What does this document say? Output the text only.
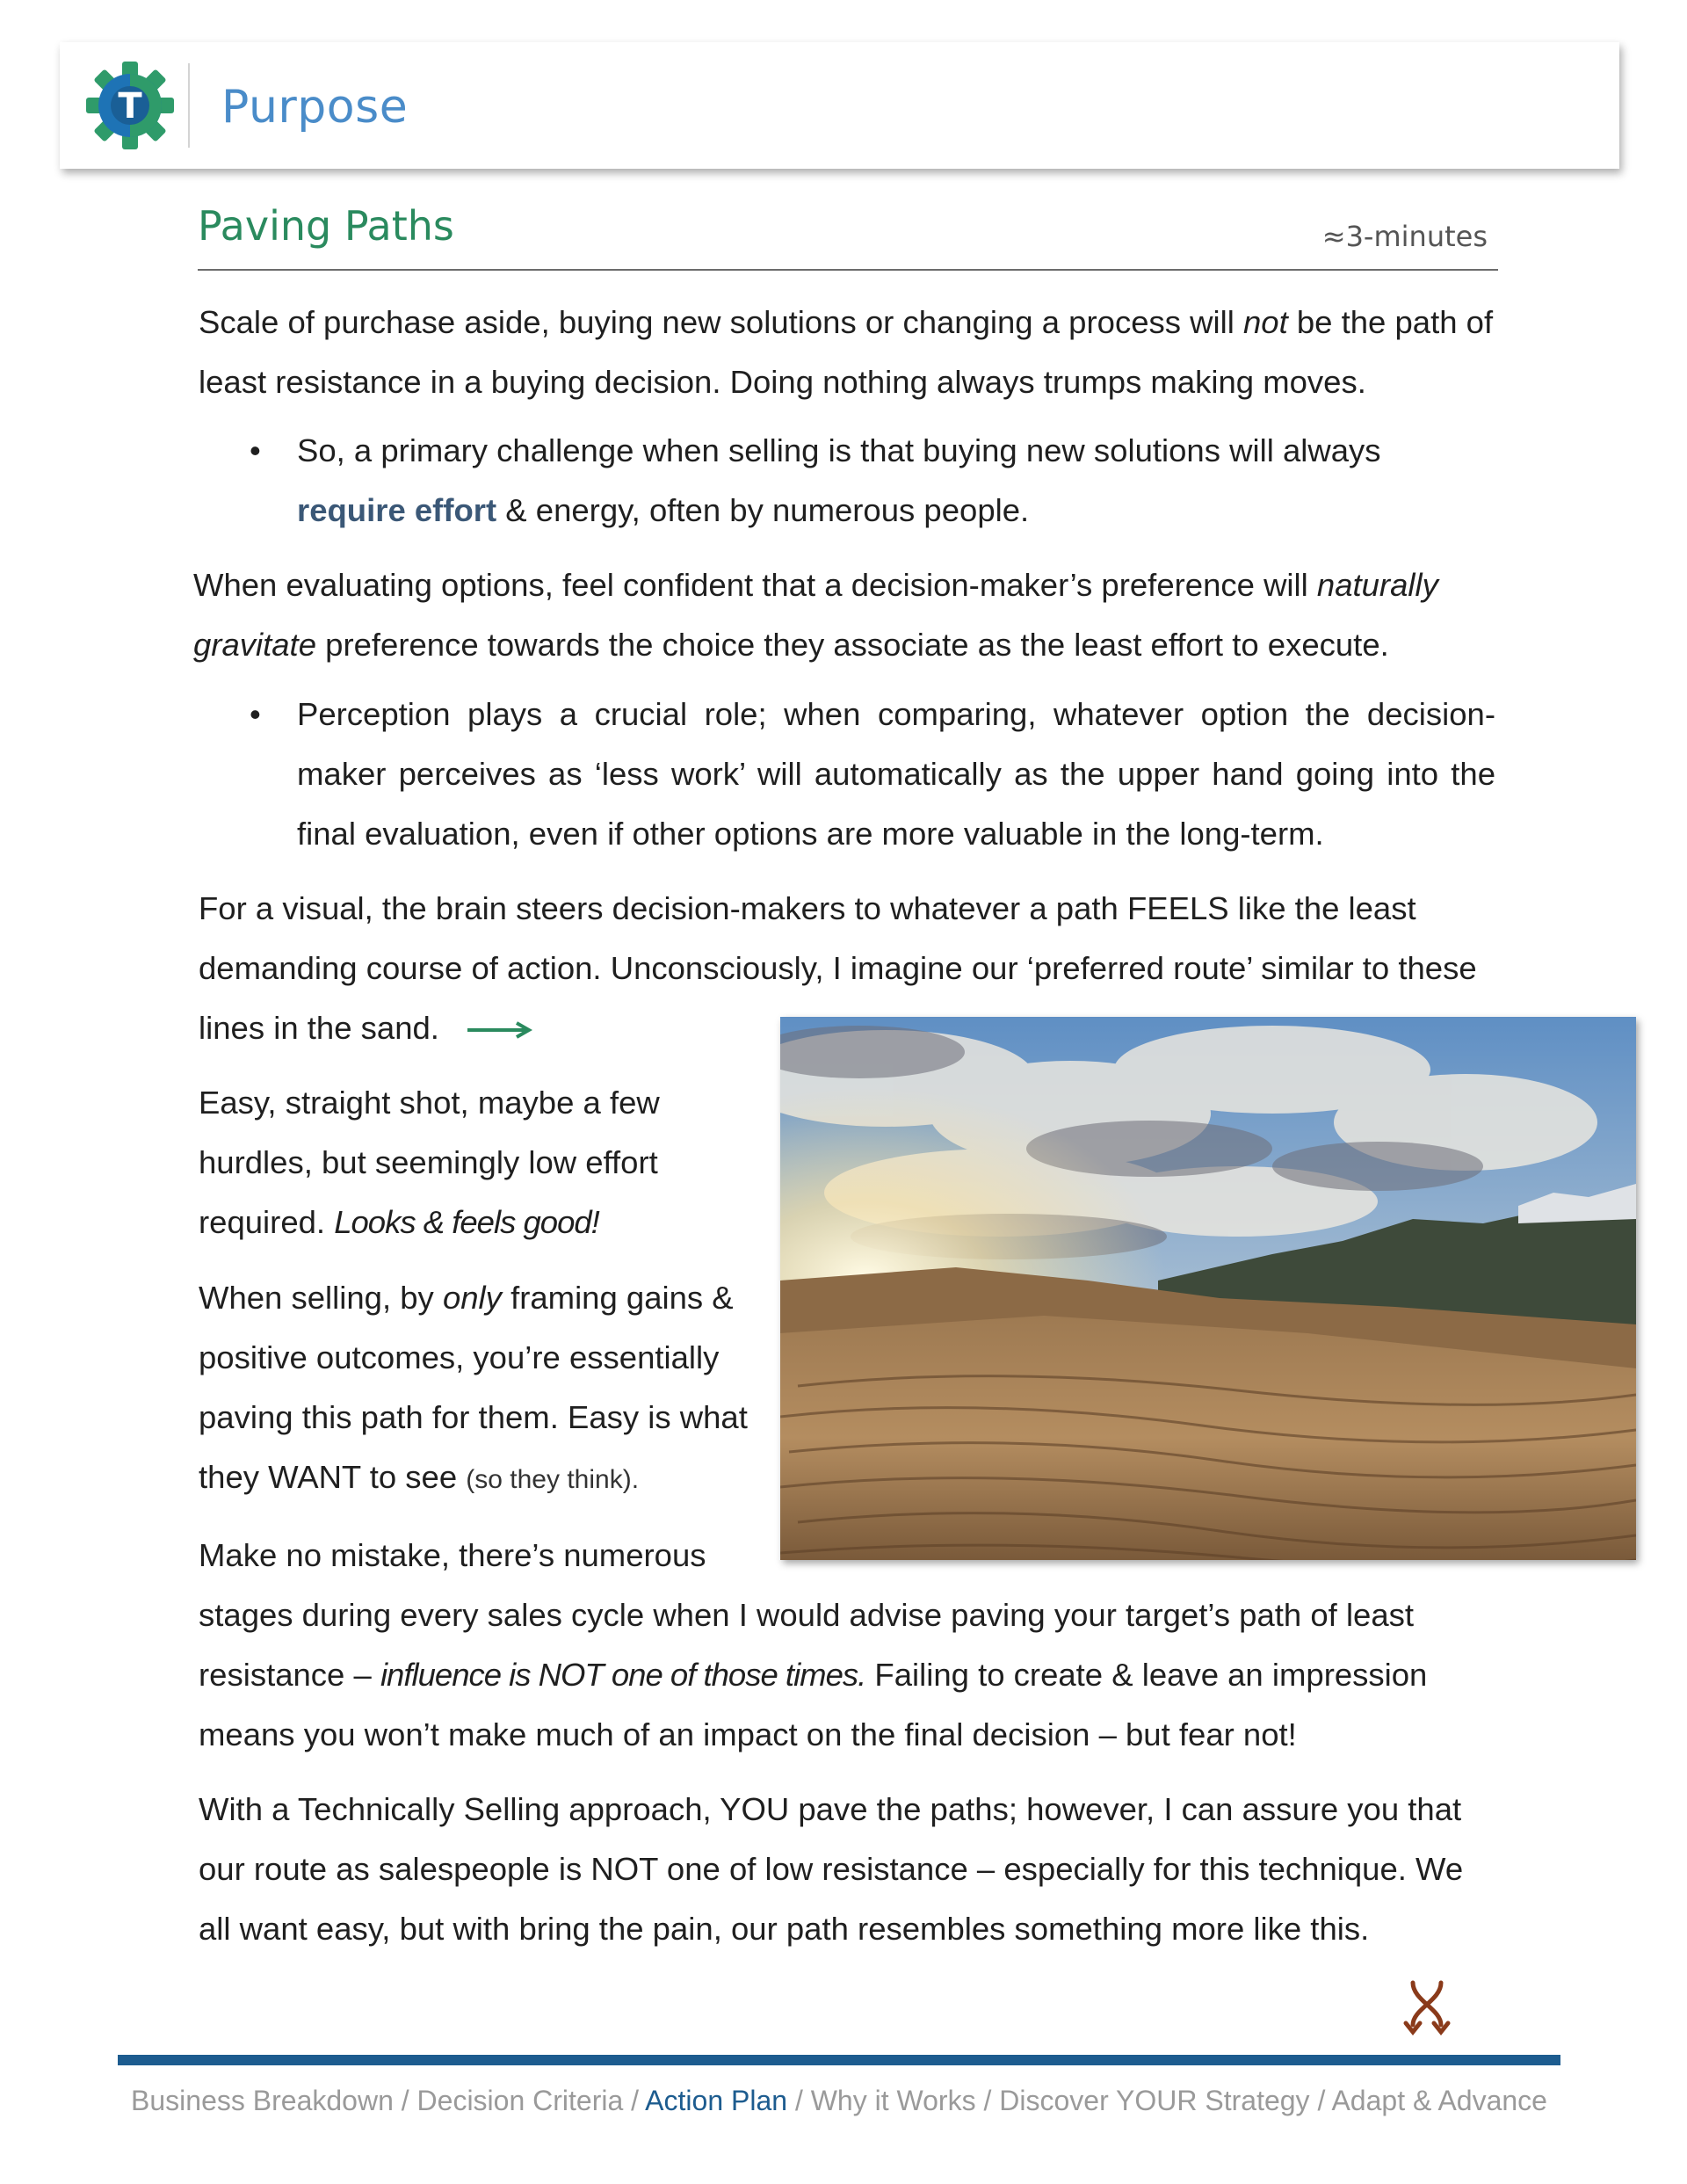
T Purpose
Paving Paths	≈3-minutes
Scale of purchase aside, buying new solutions or changing a process will not be the path of least resistance in a buying decision. Doing nothing always trumps making moves.
• So, a primary challenge when selling is that buying new solutions will always require effort & energy, often by numerous people.
When evaluating options, feel confident that a decision-maker’s preference will naturally gravitate preference towards the choice they associate as the least effort to execute.
• Perception plays a crucial role; when comparing, whatever option the decision-maker perceives as ‘less work’ will automatically as the upper hand going into the final evaluation, even if other options are more valuable in the long-term.
For a visual, the brain steers decision-makers to whatever a path FEELS like the least demanding course of action. Unconsciously, I imagine our ‘preferred route’ similar to these lines in the sand.
Easy, straight shot, maybe a few hurdles, but seemingly low effort required. Looks & feels good!
When selling, by only framing gains & positive outcomes, you’re essentially paving this path for them. Easy is what they WANT to see (so they think).
Make no mistake, there’s numerous
stages during every sales cycle when I would advise paving your target’s path of least resistance – influence is NOT one of those times. Failing to create & leave an impression means you won’t make much of an impact on the final decision – but fear not!
With a Technically Selling approach, YOU pave the paths; however, I can assure you that our route as salespeople is NOT one of low resistance – especially for this technique. We all want easy, but with bring the pain, our path resembles something more like this.
Business Breakdown / Decision Criteria / Action Plan / Why it Works / Discover YOUR Strategy / Adapt & Advance
